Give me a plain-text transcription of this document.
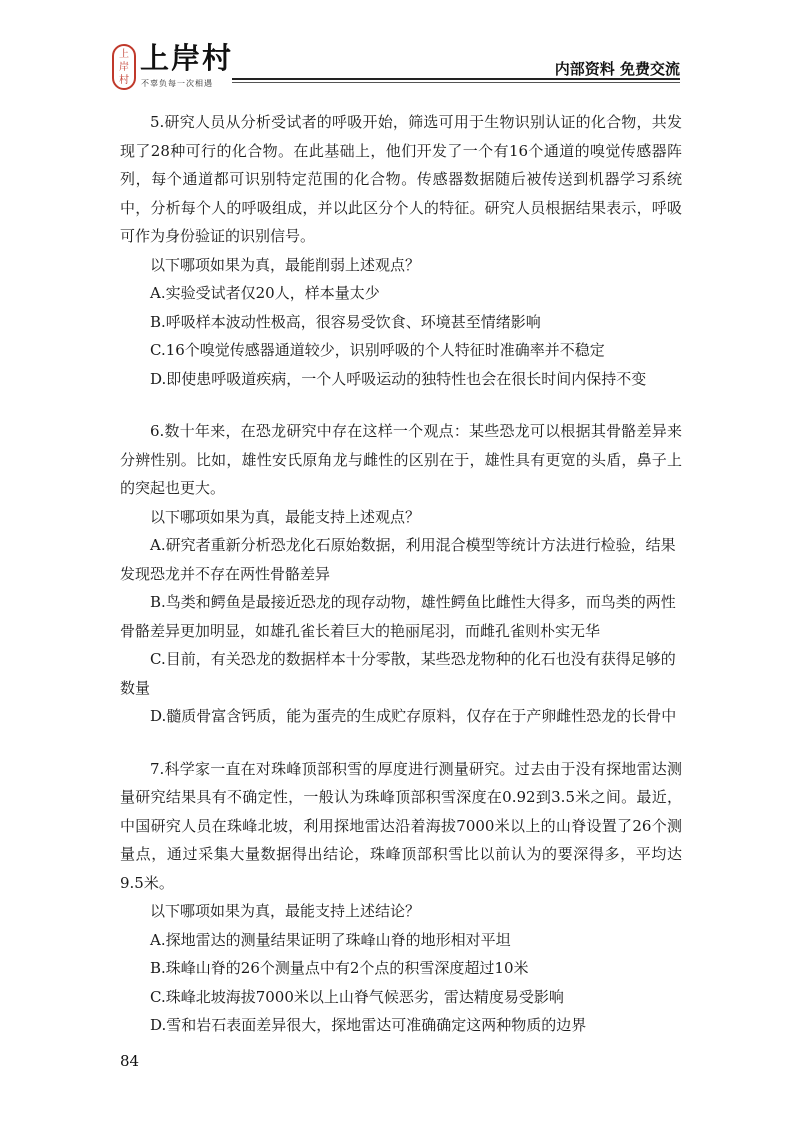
上
岸
村
上岸村
不辜负每一次相遇
内部资料 免费交流

5.研究人员从分析受试者的呼吸开始，筛选可用于生物识别认证的化合物，共发现了28种可行的化合物。在此基础上，他们开发了一个有16个通道的嗅觉传感器阵列，每个通道都可识别特定范围的化合物。传感器数据随后被传送到机器学习系统中，分析每个人的呼吸组成，并以此区分个人的特征。研究人员根据结果表示，呼吸可作为身份验证的识别信号。

以下哪项如果为真，最能削弱上述观点？

A.实验受试者仅20人，样本量太少

B.呼吸样本波动性极高，很容易受饮食、环境甚至情绪影响

C.16个嗅觉传感器通道较少，识别呼吸的个人特征时准确率并不稳定

D.即使患呼吸道疾病，一个人呼吸运动的独特性也会在很长时间内保持不变

6.数十年来，在恐龙研究中存在这样一个观点：某些恐龙可以根据其骨骼差异来分辨性别。比如，雄性安氏原角龙与雌性的区别在于，雄性具有更宽的头盾，鼻子上的突起也更大。

以下哪项如果为真，最能支持上述观点？

A.研究者重新分析恐龙化石原始数据，利用混合模型等统计方法进行检验，结果发现恐龙并不存在两性骨骼差异

B.鸟类和鳄鱼是最接近恐龙的现存动物，雄性鳄鱼比雌性大得多，而鸟类的两性骨骼差异更加明显，如雄孔雀长着巨大的艳丽尾羽，而雌孔雀则朴实无华

C.目前，有关恐龙的数据样本十分零散，某些恐龙物种的化石也没有获得足够的数量

D.髓质骨富含钙质，能为蛋壳的生成贮存原料，仅存在于产卵雌性恐龙的长骨中

7.科学家一直在对珠峰顶部积雪的厚度进行测量研究。过去由于没有探地雷达测量研究结果具有不确定性，一般认为珠峰顶部积雪深度在0.92到3.5米之间。最近，中国研究人员在珠峰北坡，利用探地雷达沿着海拔7000米以上的山脊设置了26个测量点，通过采集大量数据得出结论，珠峰顶部积雪比以前认为的要深得多，平均达9.5米。

以下哪项如果为真，最能支持上述结论？

A.探地雷达的测量结果证明了珠峰山脊的地形相对平坦

B.珠峰山脊的26个测量点中有2个点的积雪深度超过10米

C.珠峰北坡海拔7000米以上山脊气候恶劣，雷达精度易受影响

D.雪和岩石表面差异很大，探地雷达可准确确定这两种物质的边界

84
